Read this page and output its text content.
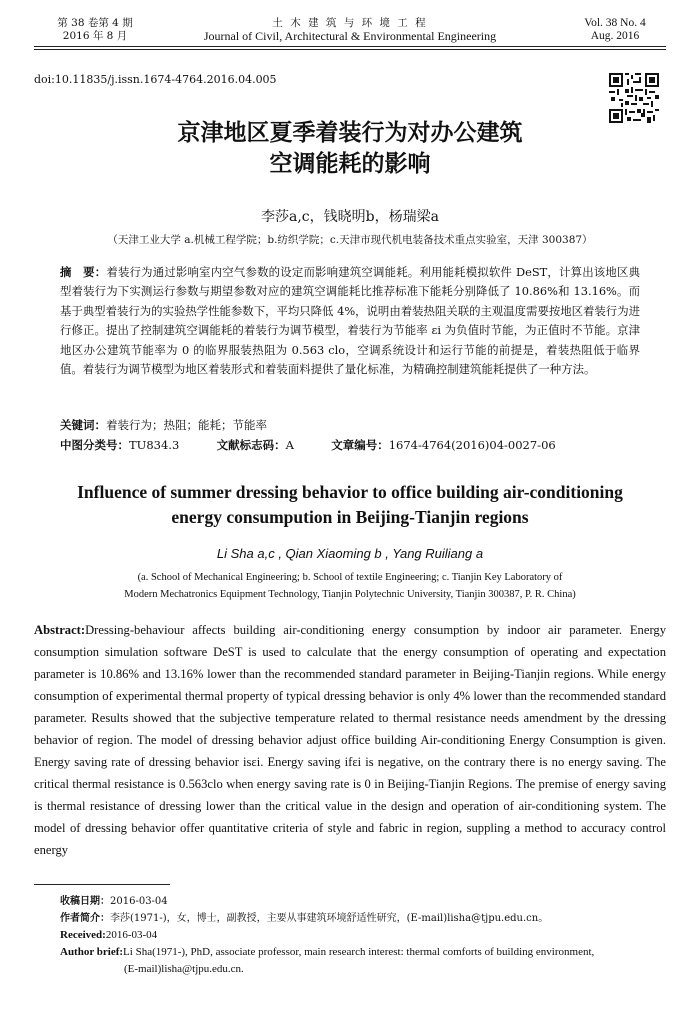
第 38 卷第 4 期
2016 年 8 月
土 木 建 筑 与 环 境 工 程
Journal of Civil, Architectural & Environmental Engineering
Vol. 38 No. 4
Aug. 2016
doi:10.11835/j.issn.1674-4764.2016.04.005
京津地区夏季着装行为对办公建筑
空调能耗的影响
李莎a,c，钱晓明b，杨瑞梁a
（天津工业大学 a.机械工程学院；b.纺织学院；c.天津市现代机电装备技术重点实验室，天津 300387）
摘　要：着装行为通过影响室内空气参数的设定而影响建筑空调能耗。利用能耗模拟软件 DeST，计算出该地区典型着装行为下实测运行参数与期望参数对应的建筑空调能耗比推荐标准下能耗分别降低了 10.86%和 13.16%。而基于典型着装行为的实验热学性能参数下，平均只降低 4%，说明由着装热阻关联的主观温度需要按地区着装行为进行修正。提出了控制建筑空调能耗的着装行为调节模型，着装行为节能率 εi 为负值时节能，为正值时不节能。京津地区办公建筑节能率为 0 的临界服装热阻为 0.563 clo，空调系统设计和运行节能的前提是，着装热阻低于临界值。着装行为调节模型为地区着装形式和着装面料提供了量化标准，为精确控制建筑能耗提供了一种方法。
关键词：着装行为；热阻；能耗；节能率
中图分类号：TU834.3	文献标志码：A	文章编号：1674-4764(2016)04-0027-06
Influence of summer dressing behavior to office building air-conditioning
energy consumpution in Beijing-Tianjin regions
Li Sha a,c , Qian Xiaoming b , Yang Ruiliang a
(a. School of Mechanical Engineering; b. School of textile Engineering; c. Tianjin Key Laboratory of
Modern Mechatronics Equipment Technology, Tianjin Polytechnic University, Tianjin 300387, P. R. China)
Abstract:Dressing-behaviour affects building air-conditioning energy consumption by indoor air parameter. Energy consumption simulation software DeST is used to calculate that the energy consumption of operating and expectation parameter is 10.86% and 13.16% lower than the recommended standard parameter in Beijing-Tianjin regions. While energy consumption of experimental thermal property of typical dressing behavior is only 4% lower than the recommended standard parameter. Results showed that the subjective temperature related to thermal resistance needs amendment by the dressing behavior of region. The model of dressing behavior adjust office building Air-conditioning Energy Consumption is given. Energy saving rate of dressing behavior isεi. Energy saving ifεi is negative, on the contrary there is no energy saving. The critical thermal resistance is 0.563clo when energy saving rate is 0 in Beijing-Tianjin Regions. The premise of energy saving is thermal resistance of dressing lower than the critical value in the design and operation of air-conditioning system. The model of dressing behavior offer quantitative criteria of style and fabric in region, suppling a method to accuracy control energy
收稿日期：2016-03-04
作者简介：李莎(1971-)，女，博士，副教授，主要从事建筑环境舒适性研究，(E-mail)lisha@tjpu.edu.cn。
Received:2016-03-04
Author brief:Li Sha(1971-), PhD, associate professor, main research interest: thermal comforts of building environment,
(E-mail)lisha@tjpu.edu.cn.
